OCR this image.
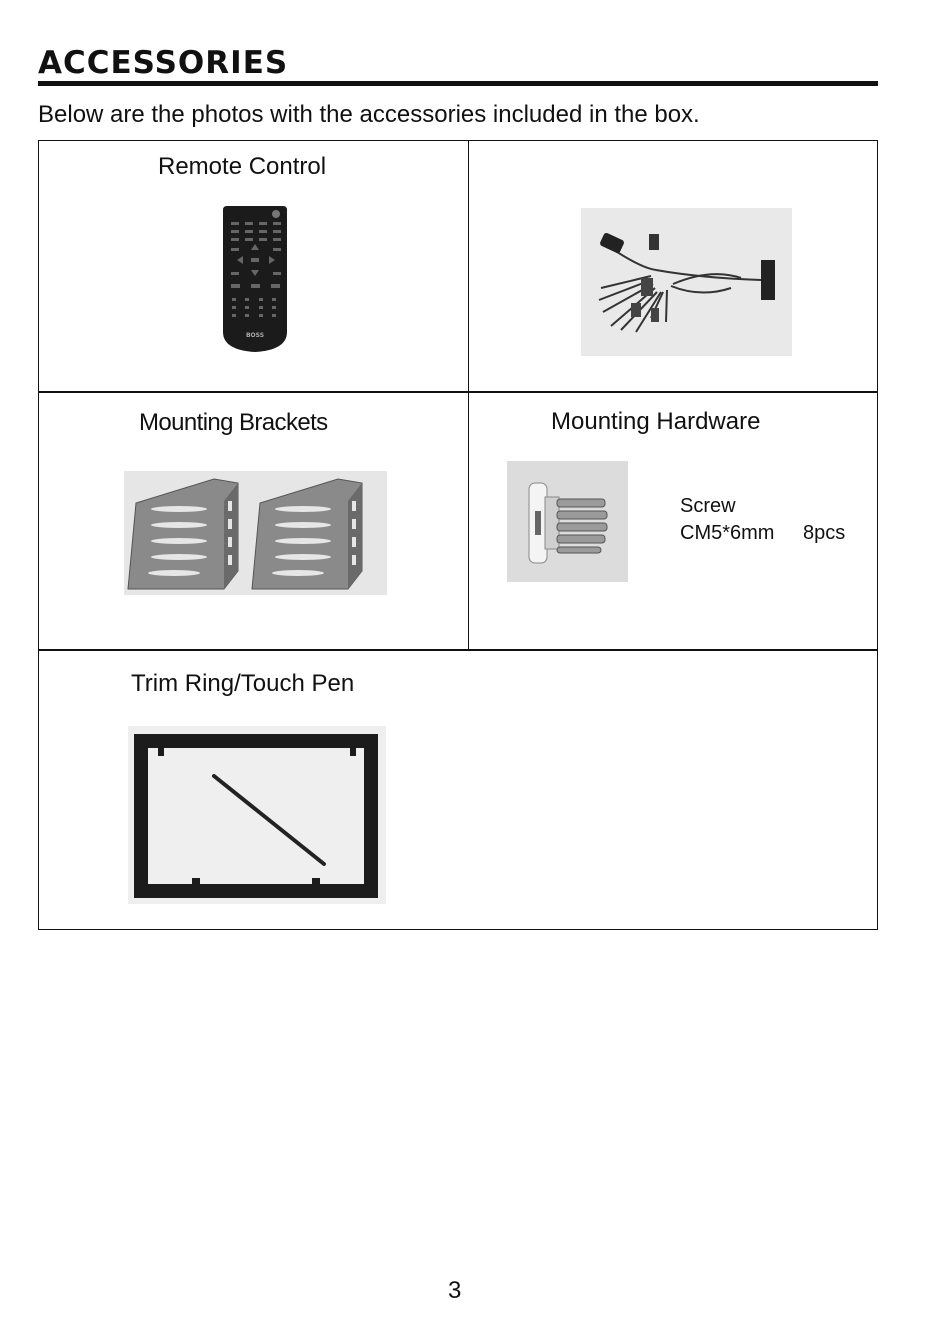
ACCESSORIES
Below are the photos with the accessories included in the box.
Remote Control
BOSS
Mounting Brackets	Mounting Hardware
Screw
CM5*6mm 8pcs
Trim Ring/Touch Pen
3
